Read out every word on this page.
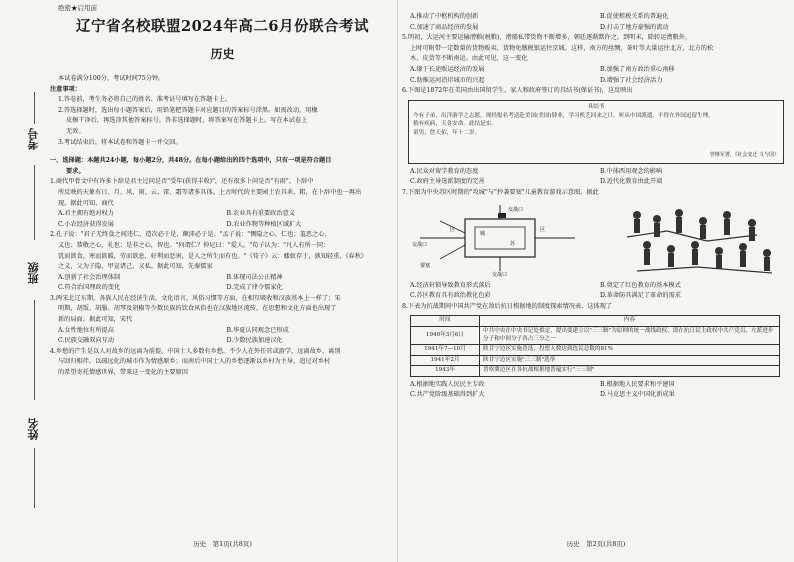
考号
班级
姓名
绝密★启用前
辽宁省名校联盟2024年高二6月份联合考试
历史

本试卷满分100分，考试时间75分钟。

注意事项：

1.答卷前，考生务必将自己的姓名、准考证号填写在答题卡上。

2.答选择题时，选出每小题答案后，用铅笔把答题卡对应题目的答案标号涂黑。如需改动，用橡

皮擦干净后，再选涂其他答案标号。答非选择题时，将答案写在答题卡上。写在本试卷上

无效。

3.考试结束后，将本试卷和答题卡一并交回。

一、选择题：本题共24小题，每小题2分，共48分。在每小题给出的四个选项中，只有一项是符合题目

要求。

1.商代甲骨文中有许多卜辞是君主过问是否"受年(获得丰收)"，还有很多卜问是否"有雨"。卜辞中

所反映的天象有日、月、风、雨、云、雷、霜等诸多具体。上古时代的主要园土农具耒、耜，在卜辞中也一再出

现。据此可知，商代

A.君主拥有绝对权力	B.农业具有重要政治意义
C.小农经济获得发展	D.农业作物等种植区域扩大

2.孔子说："君子无终食之间违仁，造次必于是，颠沛必于是。"孟子说："恻隐之心，仁也；羞恶之心，

义也；恭敬之心，礼也；是非之心，智也。"何谓仁？仲尼曰："爱人。"荀子认为："凡人有所一同：

饥而欲食，寒而欲暖，劳而欲息，好利而恶害，是人之所生而有也。"《荀子》云：蝼蚁存于，孰知轻重，《春秋》

之义，父为子隐，甲宣诸己，又私。据此可知，先秦儒家

A.创新了社会治理体制	B.体现司法公正精神
C.符合治国理政的变化	D.完成了律令儒家化

3.两宋北辽东期，各族人民在经济生活、文化语言、风俗习惯等方面，在相互吸收和汉族基本上一样了；宋

明期，胡饭、胡服、胡琴及胡椒等少数民族的饮食风俗也在汉族地区流传，在思想和文化方面也出现了

新的局面。据此可知，宋代

A.女性地位有所提高	B.华夏认同观念已形成
C.民族交融双向互动	D.少数民族加速汉化

4.乡愁的产生是以人对故乡的远离为前提。中国士人多数有乡愁，不少人在外任官或游学，远离故乡，离别

与回归相伴，以疏远化的城市作为情感原乡；而南后中国士人的乡愁逐渐以乡村为主导，追过对乡村

的希望寄托情感世界，带来这一变化的主要原因

历史　第1页(共8页)
A.推动了中枢机构的创新	B.促使租税关系的普遍化
C.加速了商品经济的发展	D.打击了地方豪强的流动

5.明初，大运河主要运输漕粮(税粮)，漕船私带货物不断增多，朝廷逐渐默许之。到明末，除转运漕粮外，

上时可附带一定数量的货物贩卖，货物免缴税银运往京城。这样，南方的丝绸、茶叶等大量运往北方，北方的松

木、皮货等不断南运。由此可见，这一变化

A.缘于长途贩运经济的发展	B.加强了南方政治重心南移
C.助推运河沿岸城市的兴起	D.增强了社会经济活力

6.下图是1872年在美国由出国留学生，家人和政府签订的具结书(保证书)，这反映出

具结书
今有子弟，出洋游学之志愿，现经报名考送赴美国(美国)肄业，学习机艺回来之日，听从中国派遣，不得在外国逗留生理。
倘有疾病，天各安命。此结是实。
童男，詹天佑，年十二岁。
曾继军著，《社会变迁·文与国》
A.民众对留学教育的态度	B.中体西用观念的影响
C.政府主导选派制度的完善	D.近代化教育由此开端

7.下图为中央苏区时期的"攻城"与"抄袭要塞"儿童教育游戏示意图，据此

交战口
交战口
交战口
要塞
城
区
苏
区
A.经济封锁导致教育形式落后	B.奠定了红色教育的基本模式
C.苏区教育具有政治教化色彩	D.革命防具满足了革命的需求

8.下表为抗战期间中国共产党在敌后抗日根据地的制度探索情况表，这体现了

时间	内容
1940年3月6日	中共中央在中央书记处拟定，提出要建立以"三三制"为原则的统一战线政权，即在抗日民主政权中共产党员、左派进步分子和中间分子各占三分之一
1941年7—10月	陕甘宁边区实施普选，投票人数达到选民总数的81%
1941年2月	陕甘宁边区实施"三三制"选举
1943年	晋察冀边区在各抗战根据地普遍实行"三三制"
A.根据地实践人民民主专政	B.根据地人民要求和平建国
C.共产党阶级基础得到扩大	D.马克思主义中国化新成果
历史　第2页(共8页)
